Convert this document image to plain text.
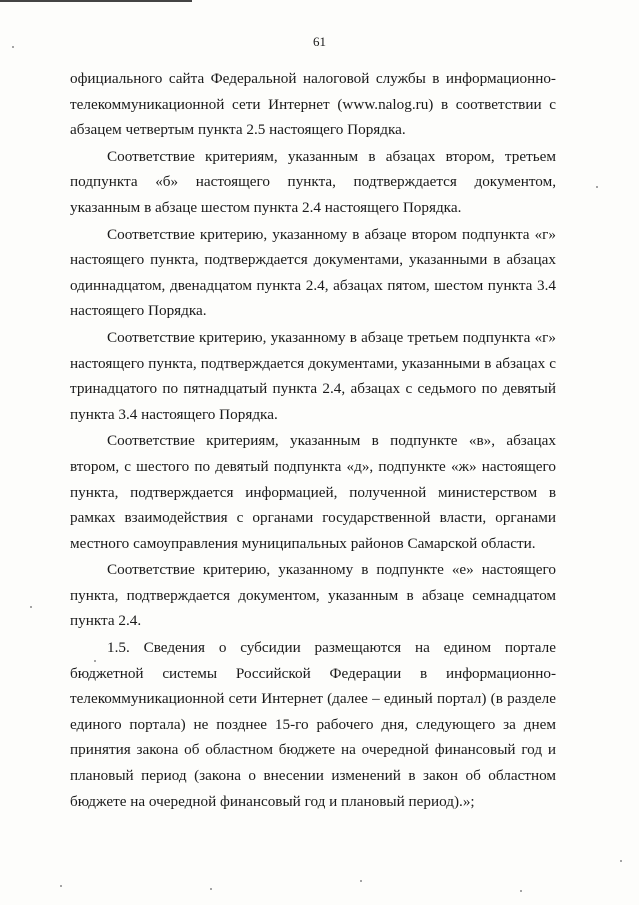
61

официального сайта Федеральной налоговой службы в информационно-телекоммуникационной сети Интернет (www.nalog.ru) в соответствии с абзацем четвертым пункта 2.5 настоящего Порядка.

Соответствие критериям, указанным в абзацах втором, третьем подпункта «б» настоящего пункта, подтверждается документом, указанным в абзаце шестом пункта 2.4 настоящего Порядка.

Соответствие критерию, указанному в абзаце втором подпункта «г» настоящего пункта, подтверждается документами, указанными в абзацах одиннадцатом, двенадцатом пункта 2.4, абзацах пятом, шестом пункта 3.4 настоящего Порядка.

Соответствие критерию, указанному в абзаце третьем подпункта «г» настоящего пункта, подтверждается документами, указанными в абзацах с тринадцатого по пятнадцатый пункта 2.4, абзацах с седьмого по девятый пункта 3.4 настоящего Порядка.

Соответствие критериям, указанным в подпункте «в», абзацах втором, с шестого по девятый подпункта «д», подпункте «ж» настоящего пункта, подтверждается информацией, полученной министерством в рамках взаимодействия с органами государственной власти, органами местного самоуправления муниципальных районов Самарской области.

Соответствие критерию, указанному в подпункте «е» настоящего пункта, подтверждается документом, указанным в абзаце семнадцатом пункта 2.4.

1.5. Сведения о субсидии размещаются на едином портале бюджетной системы Российской Федерации в информационно-телекоммуникационной сети Интернет (далее – единый портал) (в разделе единого портала) не позднее 15-го рабочего дня, следующего за днем принятия закона об областном бюджете на очередной финансовый год и плановый период (закона о внесении изменений в закон об областном бюджете на очередной финансовый год и плановый период).»;
